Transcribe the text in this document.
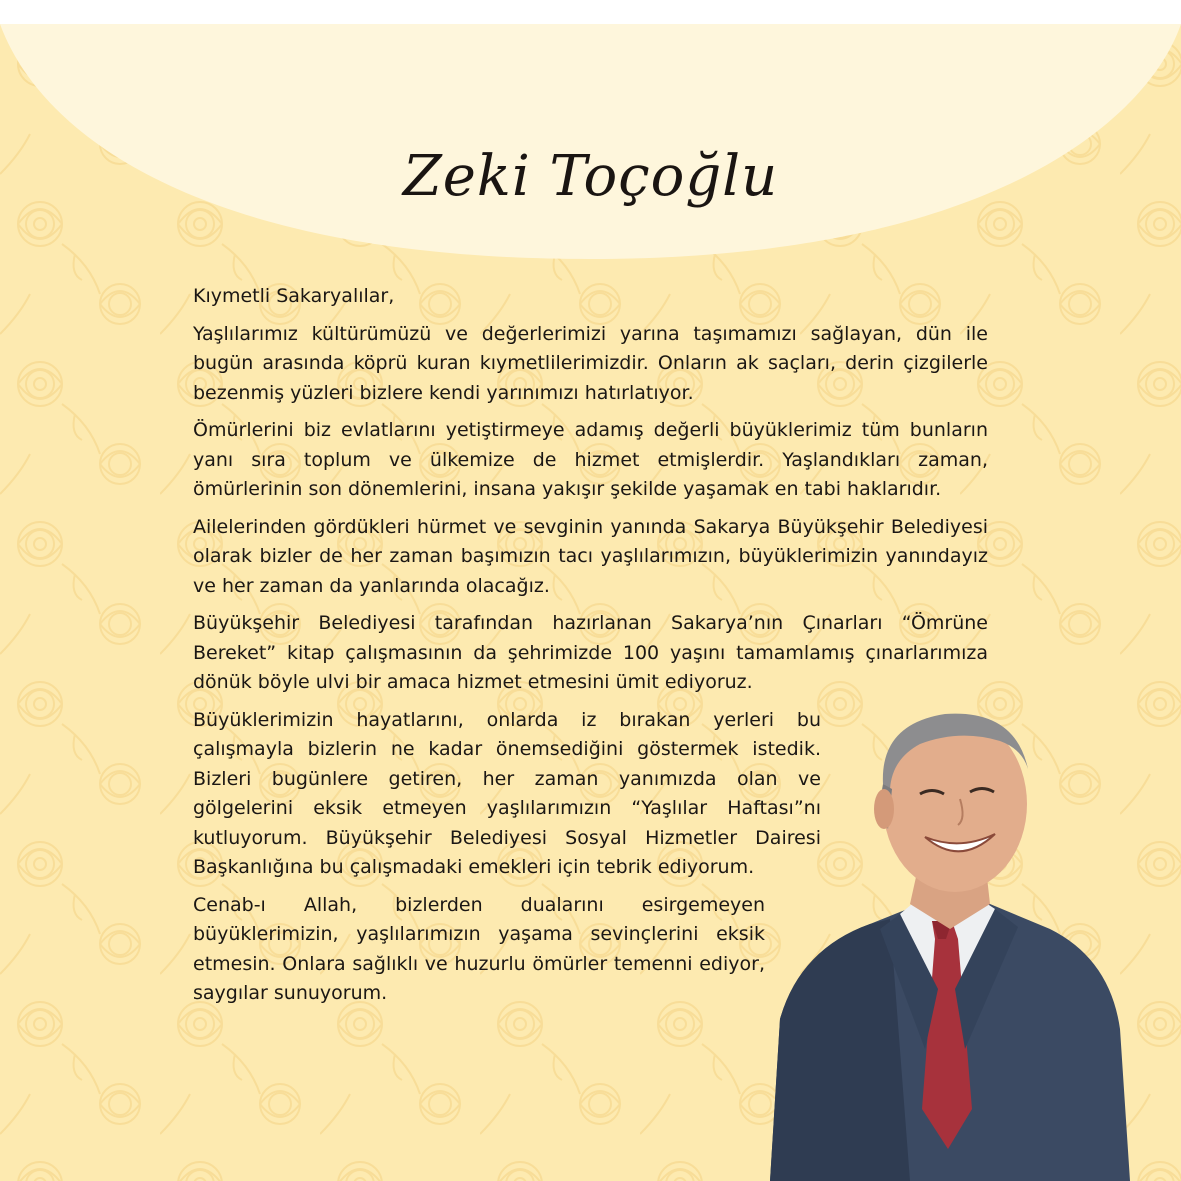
Zeki Toçoğlu

Kıymetli Sakaryalılar,

Yaşlılarımız kültürümüzü ve değerlerimizi yarına taşımamızı sağlayan, dün ile bugün arasında köprü kuran kıymetlilerimizdir. Onların ak saçları, derin çizgilerle bezenmiş yüzleri bizlere kendi yarınımızı hatırlatıyor.

Ömürlerini biz evlatlarını yetiştirmeye adamış değerli büyüklerimiz tüm bunların yanı sıra toplum ve ülkemize de hizmet etmişlerdir. Yaşlandıkları zaman, ömürlerinin son dönemlerini, insana yakışır şekilde yaşamak en tabi haklarıdır.

Ailelerinden gördükleri hürmet ve sevginin yanında Sakarya Büyükşehir Belediyesi olarak bizler de her zaman başımızın tacı yaşlılarımızın, büyüklerimizin yanındayız ve her zaman da yanlarında olacağız.

Büyükşehir Belediyesi tarafından hazırlanan Sakarya’nın Çınarları “Ömrüne Bereket” kitap çalışmasının da şehrimizde 100 yaşını tamamlamış çınarlarımıza dönük böyle ulvi bir amaca hizmet etmesini ümit ediyoruz.

Büyüklerimizin hayatlarını, onlarda iz bırakan yerleri bu çalışmayla bizlerin ne kadar önemsediğini göstermek istedik. Bizleri bugünlere getiren, her zaman yanımızda olan ve gölgelerini eksik etmeyen yaşlılarımızın “Yaşlılar Haftası”nı kutluyorum. Büyükşehir Belediyesi Sosyal Hizmetler Dairesi Başkanlığına bu çalışmadaki emekleri için tebrik ediyorum.

Cenab-ı Allah, bizlerden dualarını esirgemeyen büyüklerimizin, yaşlılarımızın yaşama sevinçlerini eksik etmesin. Onlara sağlıklı ve huzurlu ömürler temenni ediyor, saygılar sunuyorum.
